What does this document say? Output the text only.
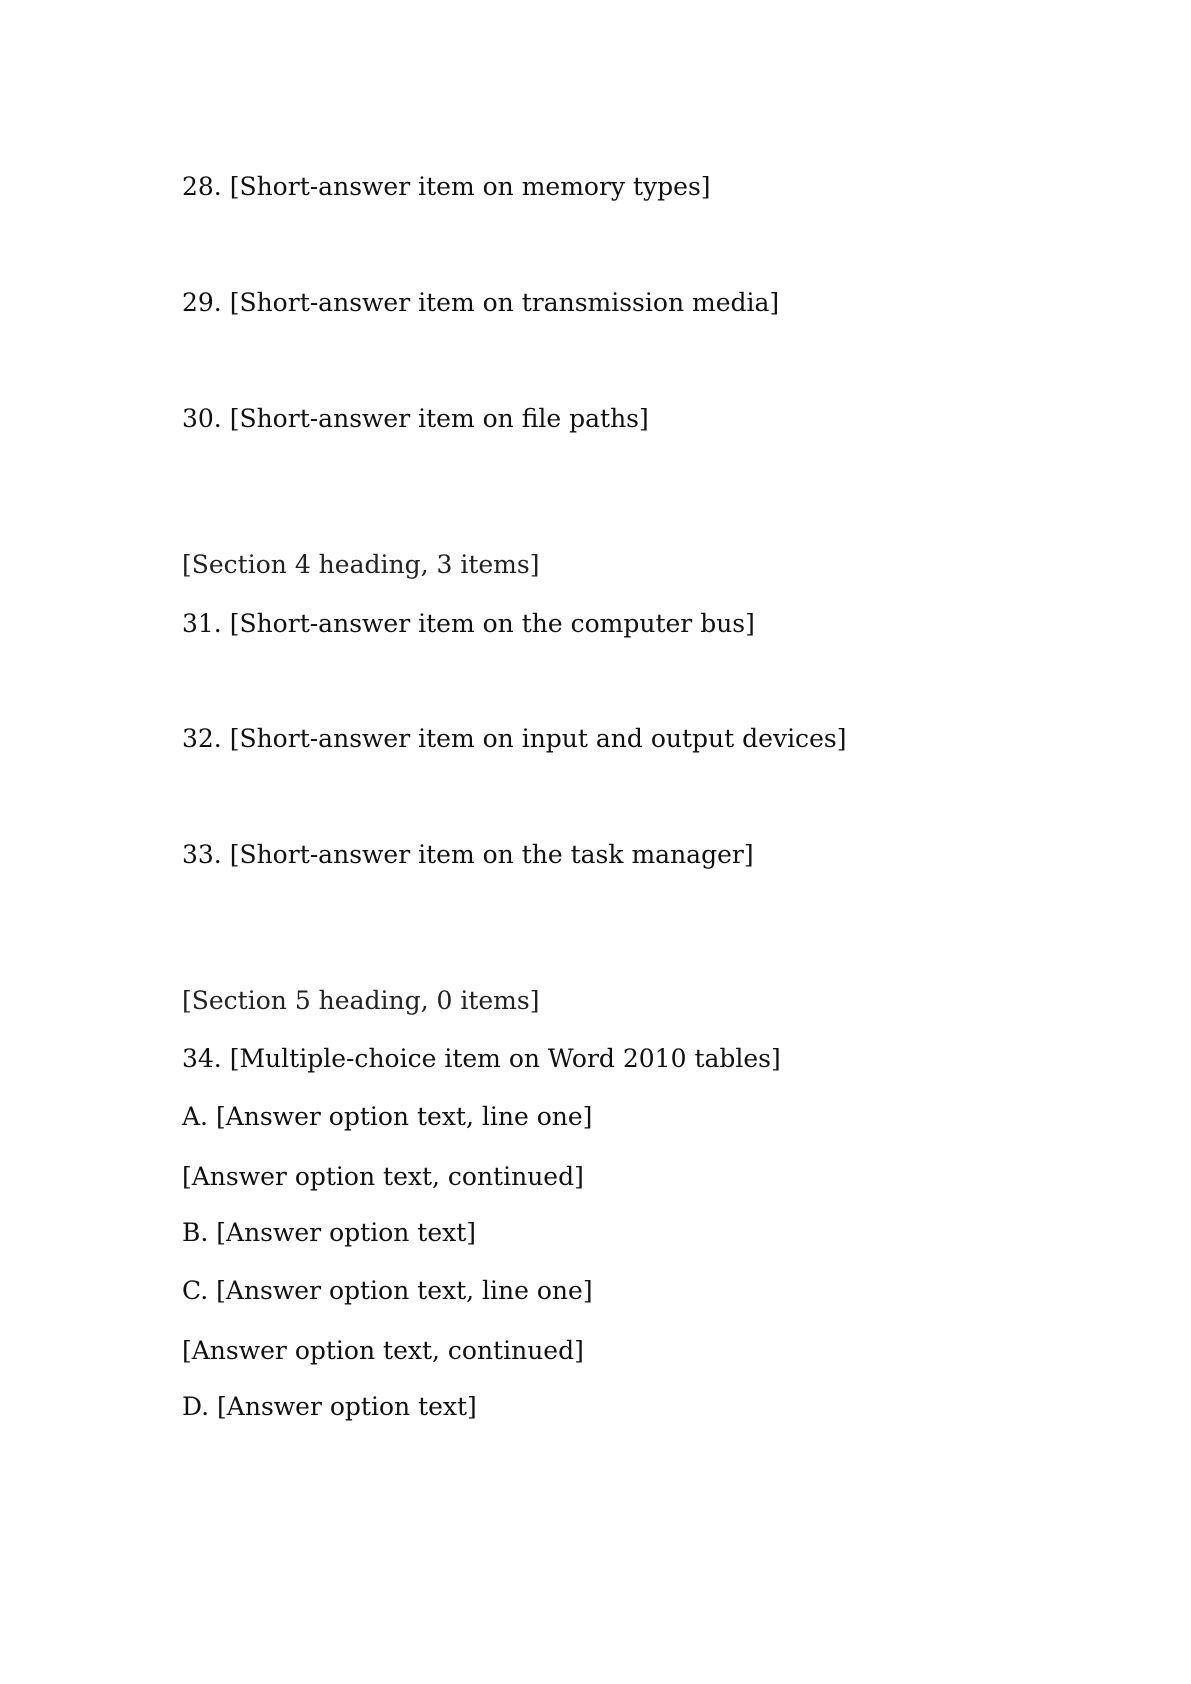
28. [Short-answer item on memory types]
29. [Short-answer item on transmission media]
30. [Short-answer item on file paths]
[Section 4 heading, 3 items]
31. [Short-answer item on the computer bus]
32. [Short-answer item on input and output devices]
33. [Short-answer item on the task manager]
[Section 5 heading, 0 items]
34. [Multiple-choice item on Word 2010 tables]
A. [Answer option text, line one]
[Answer option text, continued]
B. [Answer option text]
C. [Answer option text, line one]
[Answer option text, continued]
D. [Answer option text]
